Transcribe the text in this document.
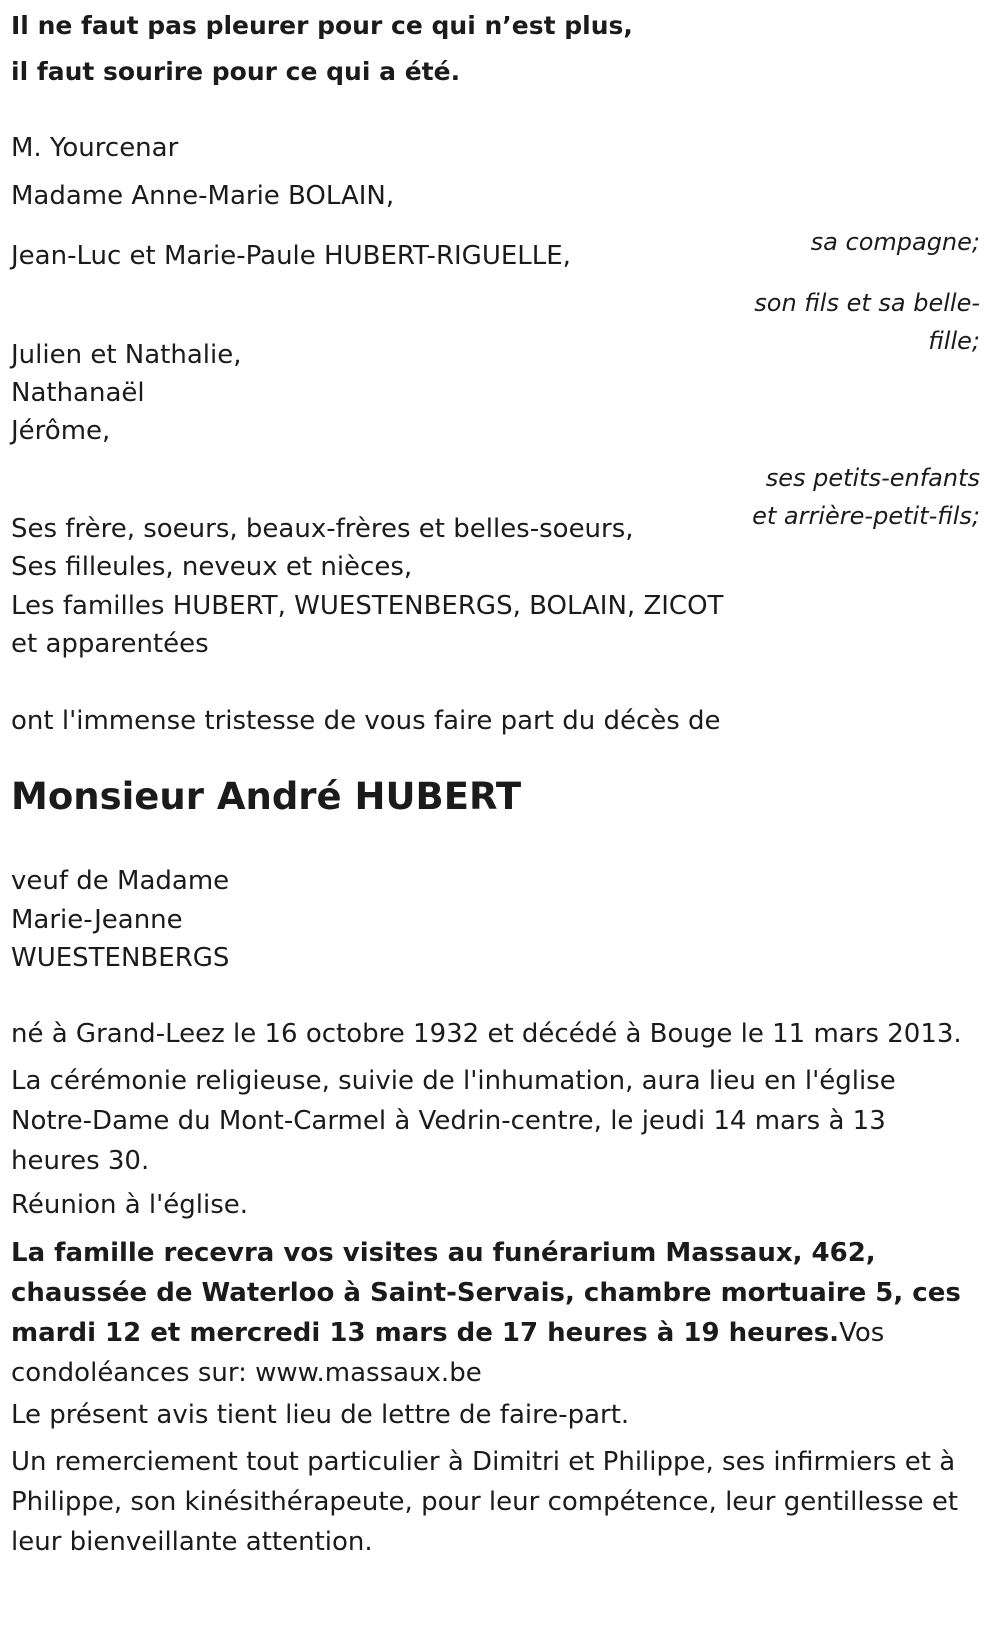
Il ne faut pas pleurer pour ce qui n’est plus,

il faut sourire pour ce qui a été.

M. Yourcenar

Madame Anne-Marie BOLAIN,

sa compagne;

Jean-Luc et Marie-Paule HUBERT-RIGUELLE,

son fils et sa belle-

fille;

Julien et Nathalie,

Nathanaël

Jérôme,

ses petits-enfants

et arrière-petit-fils;

Ses frère, soeurs, beaux-frères et belles-soeurs,

Ses filleules, neveux et nièces,

Les familles HUBERT, WUESTENBERGS, BOLAIN, ZICOT

et apparentées

ont l'immense tristesse de vous faire part du décès de

Monsieur André HUBERT

veuf de Madame

Marie-Jeanne

WUESTENBERGS

né à Grand-Leez le 16 octobre 1932 et décédé à Bouge le 11 mars 2013.

La cérémonie religieuse, suivie de l'inhumation, aura lieu en l'église Notre-Dame du Mont-Carmel à Vedrin-centre, le jeudi 14 mars à 13 heures 30.

Réunion à l'église.

La famille recevra vos visites au funérarium Massaux, 462, chaussée de Waterloo à Saint-Servais, chambre mortuaire 5, ces mardi 12 et mercredi 13 mars de 17 heures à 19 heures.Vos condoléances sur: www.massaux.be

Le présent avis tient lieu de lettre de faire-part.

Un remerciement tout particulier à Dimitri et Philippe, ses infirmiers et à Philippe, son kinésithérapeute, pour leur compétence, leur gentillesse et leur bienveillante attention.
